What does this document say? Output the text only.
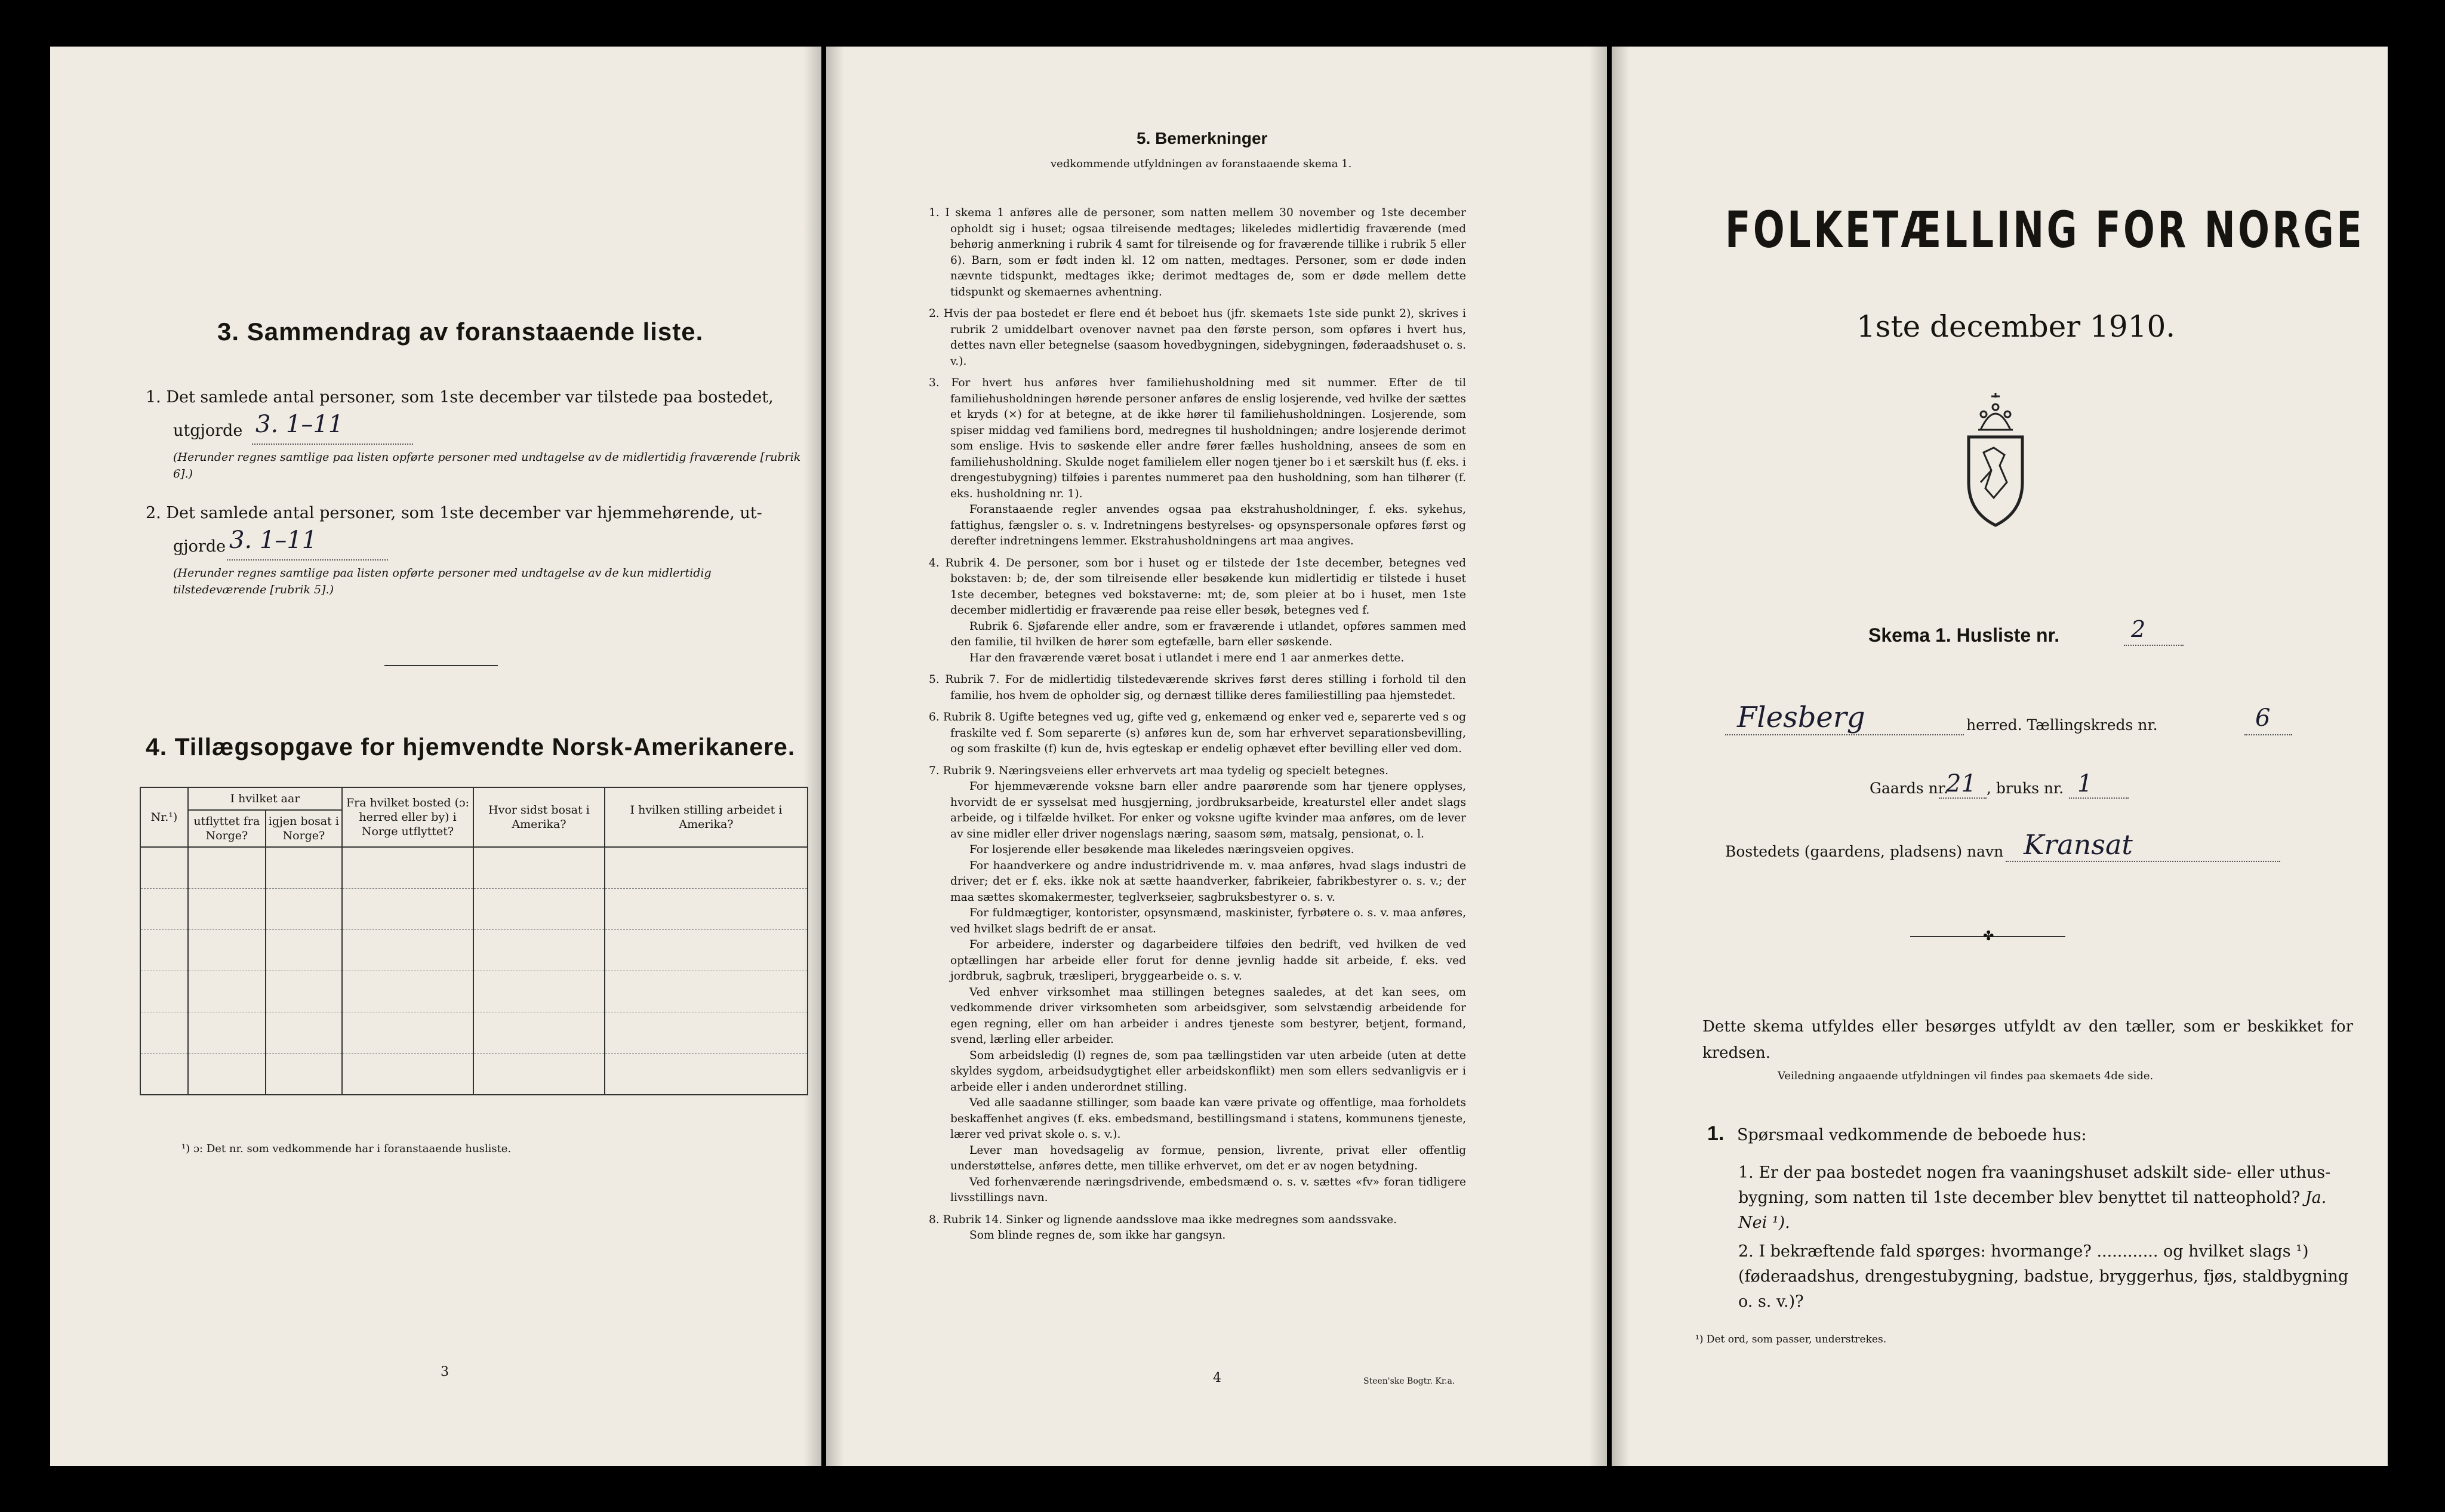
3. Sammendrag av foranstaaende liste.
1. Det samlede antal personer, som 1ste december var tilstede paa bostedet,
utgjorde 3. 1–11
(Herunder regnes samtlige paa listen opførte personer med undtagelse av de midlertidig fraværende [rubrik 6].)
2. Det samlede antal personer, som 1ste december var hjemmehørende, ut-
gjorde 3. 1–11
(Herunder regnes samtlige paa listen opførte personer med undtagelse av de kun midlertidig tilstedeværende [rubrik 5].)
4. Tillægsopgave for hjemvendte Norsk-Amerikanere.
Nr.¹)	I hvilket aar		Fra hvilket bosted (ɔ: herred eller by) i Norge utflyttet?	Hvor sidst bosat i Amerika?	I hvilken stilling arbeidet i Amerika?
	utflyttet fra Norge?	igjen bosat i Norge?			

¹) ɔ: Det nr. som vedkommende har i foranstaaende husliste.
3
5. Bemerkninger
vedkommende utfyldningen av foranstaaende skema 1.
1. I skema 1 anføres alle de personer, som natten mellem 30 november og 1ste december opholdt sig i huset; ogsaa tilreisende medtages; likeledes midlertidig fraværende (med behørig anmerkning i rubrik 4 samt for tilreisende og for fraværende tillike i rubrik 5 eller 6). Barn, som er født inden kl. 12 om natten, medtages. Personer, som er døde inden nævnte tidspunkt, medtages ikke; derimot medtages de, som er døde mellem dette tidspunkt og skemaernes avhentning.
2. Hvis der paa bostedet er flere end ét beboet hus (jfr. skemaets 1ste side punkt 2), skrives i rubrik 2 umiddelbart ovenover navnet paa den første person, som opføres i hvert hus, dettes navn eller betegnelse (saasom hovedbygningen, sidebygningen, føderaadshuset o. s. v.).
3. For hvert hus anføres hver familiehusholdning med sit nummer. Efter de til familiehusholdningen hørende personer anføres de enslig losjerende, ved hvilke der sættes et kryds (×) for at betegne, at de ikke hører til familiehusholdningen. Losjerende, som spiser middag ved familiens bord, medregnes til husholdningen; andre losjerende derimot som enslige. Hvis to søskende eller andre fører fælles husholdning, ansees de som en familiehusholdning. Skulde noget familielem eller nogen tjener bo i et særskilt hus (f. eks. i drengestubygning) tilføies i parentes nummeret paa den husholdning, som han tilhører (f. eks. husholdning nr. 1).
Foranstaaende regler anvendes ogsaa paa ekstrahusholdninger, f. eks. sykehus, fattighus, fængsler o. s. v. Indretningens bestyrelses- og opsynspersonale opføres først og derefter indretningens lemmer. Ekstrahusholdningens art maa angives.
4. Rubrik 4. De personer, som bor i huset og er tilstede der 1ste december, betegnes ved bokstaven: b; de, der som tilreisende eller besøkende kun midlertidig er tilstede i huset 1ste december, betegnes ved bokstaverne: mt; de, som pleier at bo i huset, men 1ste december midlertidig er fraværende paa reise eller besøk, betegnes ved f.
Rubrik 6. Sjøfarende eller andre, som er fraværende i utlandet, opføres sammen med den familie, til hvilken de hører som egtefælle, barn eller søskende.
Har den fraværende været bosat i utlandet i mere end 1 aar anmerkes dette.
5. Rubrik 7. For de midlertidig tilstedeværende skrives først deres stilling i forhold til den familie, hos hvem de opholder sig, og dernæst tillike deres familiestilling paa hjemstedet.
6. Rubrik 8. Ugifte betegnes ved ug, gifte ved g, enkemænd og enker ved e, separerte ved s og fraskilte ved f. Som separerte (s) anføres kun de, som har erhvervet separationsbevilling, og som fraskilte (f) kun de, hvis egteskap er endelig ophævet efter bevilling eller ved dom.
7. Rubrik 9. Næringsveiens eller erhvervets art maa tydelig og specielt betegnes.
For hjemmeværende voksne barn eller andre paarørende som har tjenere opplyses, hvorvidt de er sysselsat med husgjerning, jordbruksarbeide, kreaturstel eller andet slags arbeide, og i tilfælde hvilket. For enker og voksne ugifte kvinder maa anføres, om de lever av sine midler eller driver nogenslags næring, saasom søm, matsalg, pensionat, o. l.
For losjerende eller besøkende maa likeledes næringsveien opgives.
For haandverkere og andre industridrivende m. v. maa anføres, hvad slags industri de driver; det er f. eks. ikke nok at sætte haandverker, fabrikeier, fabrikbestyrer o. s. v.; der maa sættes skomakermester, teglverkseier, sagbruksbestyrer o. s. v.
For fuldmægtiger, kontorister, opsynsmænd, maskinister, fyrbøtere o. s. v. maa anføres, ved hvilket slags bedrift de er ansat.
For arbeidere, inderster og dagarbeidere tilføies den bedrift, ved hvilken de ved optællingen har arbeide eller forut for denne jevnlig hadde sit arbeide, f. eks. ved jordbruk, sagbruk, træsliperi, bryggearbeide o. s. v.
Ved enhver virksomhet maa stillingen betegnes saaledes, at det kan sees, om vedkommende driver virksomheten som arbeidsgiver, som selvstændig arbeidende for egen regning, eller om han arbeider i andres tjeneste som bestyrer, betjent, formand, svend, lærling eller arbeider.
Som arbeidsledig (l) regnes de, som paa tællingstiden var uten arbeide (uten at dette skyldes sygdom, arbeidsudygtighet eller arbeidskonflikt) men som ellers sedvanligvis er i arbeide eller i anden underordnet stilling.
Ved alle saadanne stillinger, som baade kan være private og offentlige, maa forholdets beskaffenhet angives (f. eks. embedsmand, bestillingsmand i statens, kommunens tjeneste, lærer ved privat skole o. s. v.).
Lever man hovedsagelig av formue, pension, livrente, privat eller offentlig understøttelse, anføres dette, men tillike erhvervet, om det er av nogen betydning.
Ved forhenværende næringsdrivende, embedsmænd o. s. v. sættes «fv» foran tidligere livsstillings navn.
8. Rubrik 14. Sinker og lignende aandsslove maa ikke medregnes som aandssvake.
Som blinde regnes de, som ikke har gangsyn.
4	Steen'ske Bogtr. Kr.a.
FOLKETÆLLING FOR NORGE
1ste december 1910.
Skema 1. Husliste nr.	2
Flesberg	herred. Tællingskreds nr.	6
Gaards nr.
21 , bruks nr. 1
Bostedets (gaardens, pladsens) navn Kransat
✤
Dette skema utfyldes eller besørges utfyldt av den tæller, som er beskikket for kredsen.
Veiledning angaaende utfyldningen vil findes paa skemaets 4de side.
1. Spørsmaal vedkommende de beboede hus:
1. Er der paa bostedet nogen fra vaaningshuset adskilt side- eller uthus-bygning, som natten til 1ste december blev benyttet til natteophold? Ja. Nei ¹).
2. I bekræftende fald spørges: hvormange? ............ og hvilket slags ¹) (føderaadshus, drengestubygning, badstue, bryggerhus, fjøs, staldbygning o. s. v.)?
¹) Det ord, som passer, understrekes.
